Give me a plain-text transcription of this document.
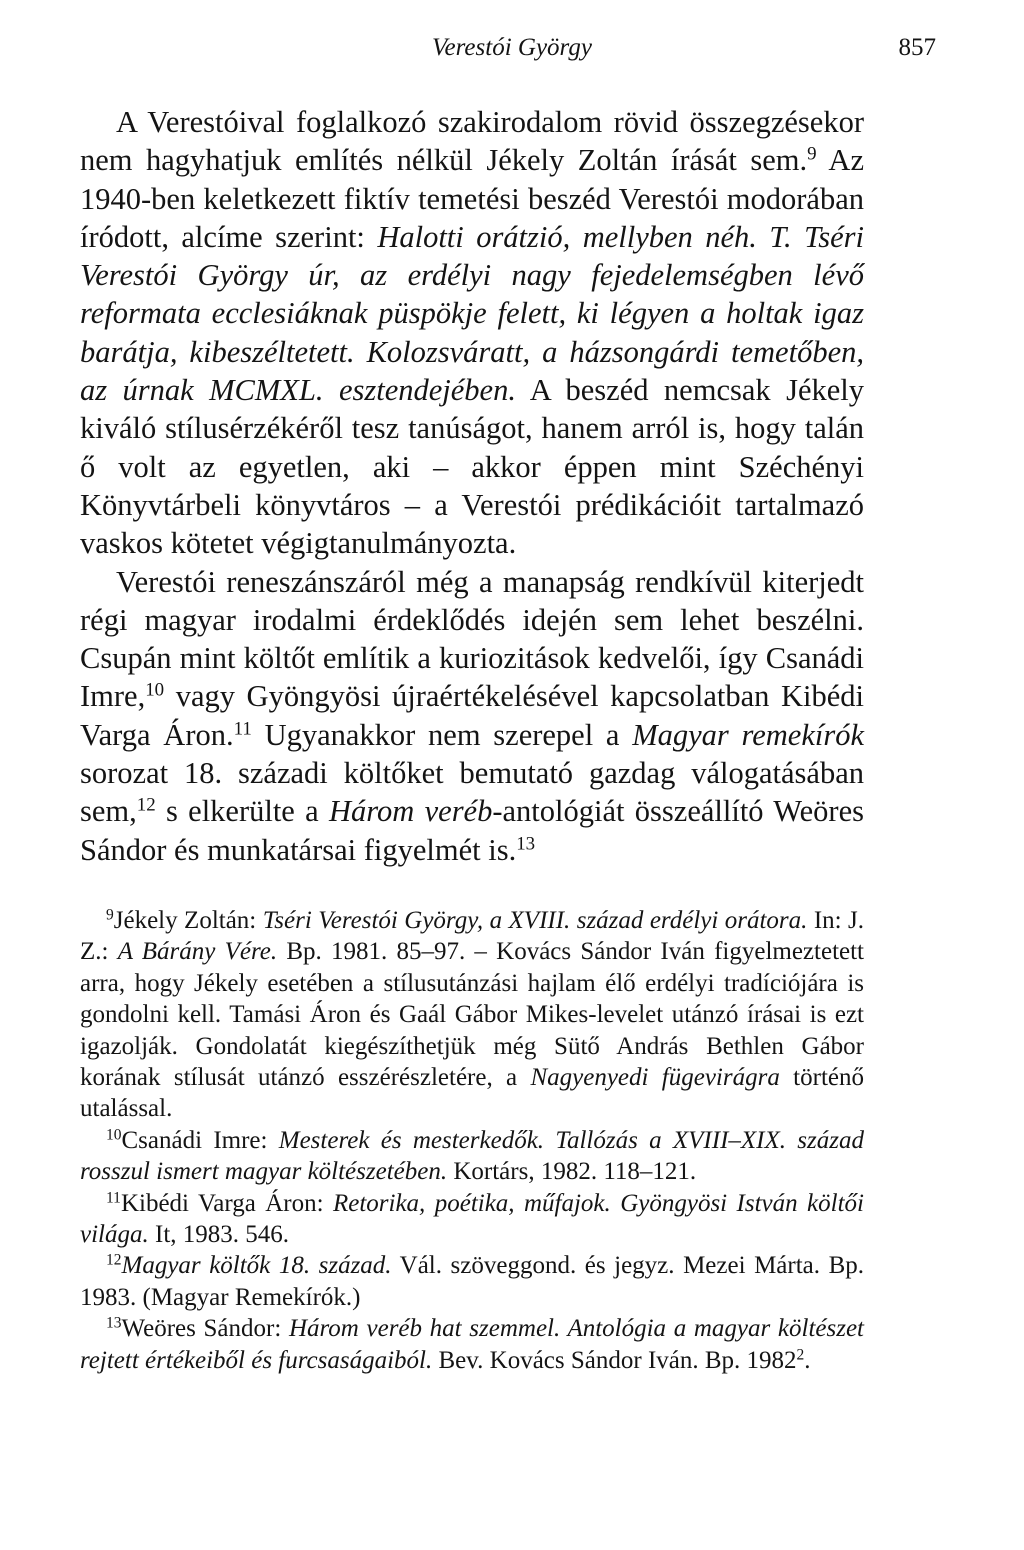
Verestói György	857

A Verestóival foglalkozó szakirodalom rövid összegzésekor nem hagyhatjuk említés nélkül Jékely Zoltán írását sem.$^9$ Az 1940-ben keletkezett fiktív temetési beszéd Verestói modorában íródott, alcíme szerint: Halotti orátzió, mellyben néh. T. Tséri Verestói György úr, az erdélyi nagy fejedelemségben lévő reformata ecclesiáknak püspökje felett, ki légyen a holtak igaz barátja, kibeszéltetett. Kolozsváratt, a házsongárdi temetőben, az úrnak MCMXL. esztendejében. A beszéd nemcsak Jékely kiváló stílusérzékéről tesz tanúságot, hanem arról is, hogy talán ő volt az egyetlen, aki – akkor éppen mint Széchényi Könyvtárbeli könyvtáros – a Verestói prédikációit tartalmazó vaskos kötetet végigtanulmányozta.

Verestói reneszánszáról még a manapság rendkívül kiterjedt régi magyar irodalmi érdeklődés idején sem lehet beszélni. Csupán mint költőt említik a kuriozitások kedvelői, így Csanádi Imre,$^{10}$ vagy Gyöngyösi újraértékelésével kapcsolatban Kibédi Varga Áron.$^{11}$ Ugyanakkor nem szerepel a Magyar remekírók sorozat 18. századi költőket bemutató gazdag válogatásában sem,$^{12}$ s elkerülte a Három veréb-antológiát összeállító Weöres Sándor és munkatársai figyelmét is.$^{13}$

$^9$Jékely Zoltán: Tséri Verestói György, a XVIII. század erdélyi orátora. In: J. Z.: A Bárány Vére. Bp. 1981. 85–97. – Kovács Sándor Iván figyelmeztetett arra, hogy Jékely esetében a stílusutánzási hajlam élő erdélyi tradíciójára is gondolni kell. Tamási Áron és Gaál Gábor Mikes-levelet utánzó írásai is ezt igazolják. Gondolatát kiegészíthetjük még Sütő András Bethlen Gábor korának stílusát utánzó esszérészletére, a Nagyenyedi fügevirágra történő utalással.

$^{10}$Csanádi Imre: Mesterek és mesterkedők. Tallózás a XVIII–XIX. század rosszul ismert magyar költészetében. Kortárs, 1982. 118–121.

$^{11}$Kibédi Varga Áron: Retorika, poétika, műfajok. Gyöngyösi István költői világa. It, 1983. 546.

$^{12}$Magyar költők 18. század. Vál. szöveggond. és jegyz. Mezei Márta. Bp. 1983. (Magyar Remekírók.)

$^{13}$Weöres Sándor: Három veréb hat szemmel. Antológia a magyar költészet rejtett értékeiből és furcsaságaiból. Bev. Kovács Sándor Iván. Bp. 1982$^2$.
